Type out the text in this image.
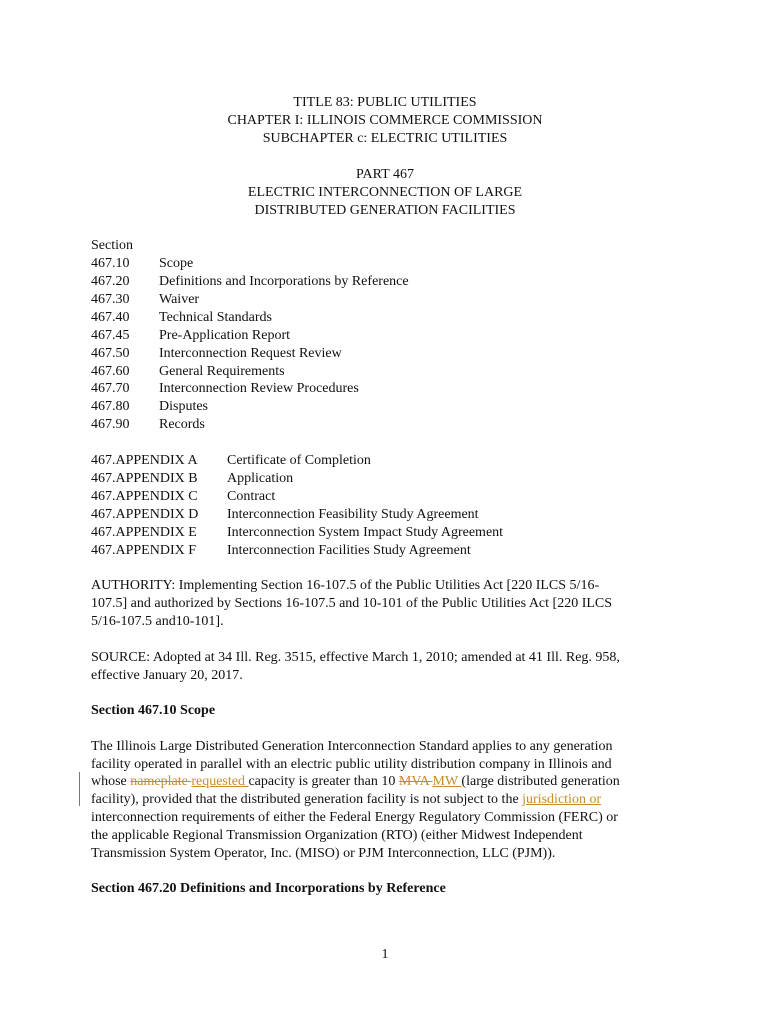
TITLE 83: PUBLIC UTILITIES
CHAPTER I: ILLINOIS COMMERCE COMMISSION
SUBCHAPTER c: ELECTRIC UTILITIES
PART 467
ELECTRIC INTERCONNECTION OF LARGE
DISTRIBUTED GENERATION FACILITIES
Section
467.10 Scope
467.20 Definitions and Incorporations by Reference
467.30 Waiver
467.40 Technical Standards
467.45 Pre-Application Report
467.50 Interconnection Request Review
467.60 General Requirements
467.70 Interconnection Review Procedures
467.80 Disputes
467.90 Records
467.APPENDIX A Certificate of Completion
467.APPENDIX B Application
467.APPENDIX C Contract
467.APPENDIX D Interconnection Feasibility Study Agreement
467.APPENDIX E Interconnection System Impact Study Agreement
467.APPENDIX F Interconnection Facilities Study Agreement
AUTHORITY: Implementing Section 16-107.5 of the Public Utilities Act [220 ILCS 5/16-
107.5] and authorized by Sections 16-107.5 and 10-101 of the Public Utilities Act [220 ILCS
5/16-107.5 and10-101].
SOURCE: Adopted at 34 Ill. Reg. 3515, effective March 1, 2010; amended at 41 Ill. Reg. 958,
effective January 20, 2017.
Section 467.10 Scope
The Illinois Large Distributed Generation Interconnection Standard applies to any generation
facility operated in parallel with an electric public utility distribution company in Illinois and
whose nameplate requested capacity is greater than 10 MVA MW (large distributed generation
facility), provided that the distributed generation facility is not subject to the jurisdiction or
interconnection requirements of either the Federal Energy Regulatory Commission (FERC) or
the applicable Regional Transmission Organization (RTO) (either Midwest Independent
Transmission System Operator, Inc. (MISO) or PJM Interconnection, LLC (PJM)).
Section 467.20 Definitions and Incorporations by Reference
1
